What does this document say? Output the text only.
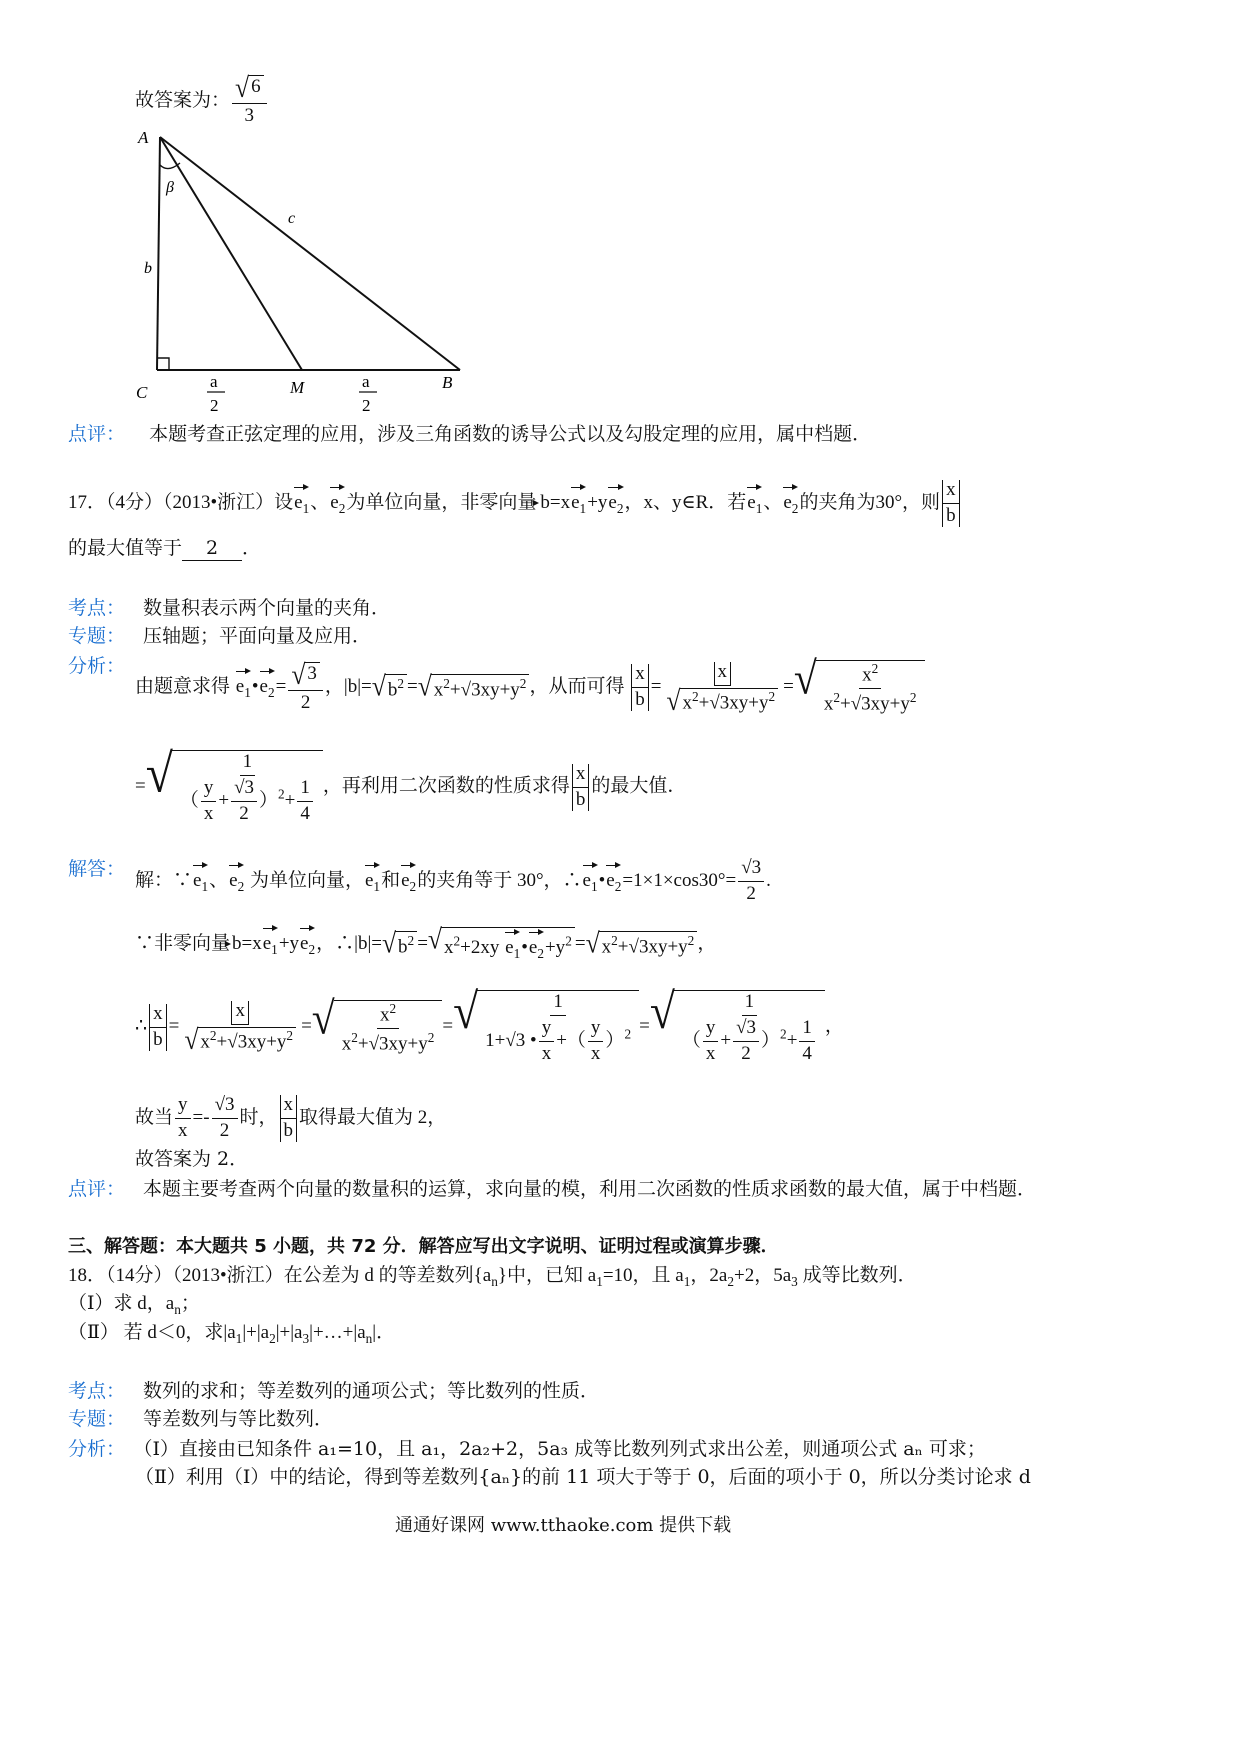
故答案为： $\frac{√ 6}{3}$
A
β
b
c
C	M	B
a
2
a
2
点评： 本题考查正弦定理的应用，涉及三角函数的诱导公式以及勾股定理的应用，属中档题．
17．（4分）（2013•浙江）设$e_1$、$e_2$为单位向量，非零向量 $b=xe_1+ye_2$，x、y∈R．若$e_1$、$e_2$的夹角为30°，则 $\frac{x}{b}$
的最大值等于 2 ．
考点： 数量积表示两个向量的夹角．
专题： 压轴题；平面向量及应用．
分析：
由题意求得 $e_1•e_2= \frac{√ 3}{2}$ ，|b|= √ $b^2$ = √ $x^2+√3xy+y^2$ ，从而可得 $\frac{x}{b} = \frac{x}{√ x^2+√3xy+y^2}$ = √ $\frac{x^2}{x^2+√3xy+y^2}$
= √ $\frac{1}{( \frac{y}{x} + \frac{√3}{2} )^2+ \frac{1}{4}}$ ，再利用二次函数的性质求得 $\frac{x}{b}$ 的最大值．
解答：
解：$\because e_1$、$e_2$ 为单位向量，$e_1$和$e_2$的夹角等于 30°，$\therefore e_1•e_2=1\times 1\times\cos 30^\circ= \frac{√3}{2}$ .
∵非零向量 $b=xe_1+ye_2$，∴|b|= √ $b^2$ = √ $x^2+2xy$ $e_1•e_2+y^2$ = √ $x^2+√3xy+y^2$ ，
∴ $\frac{x}{b} = \frac{x}{√ x^2+√3xy+y^2}$ = √ $\frac{x^2}{x^2+√3xy+y^2}$ = √ $\frac{1}{1+√3 • \frac{y}{x} +( \frac{y}{x} )^2}$ = √ $\frac{1}{( \frac{y}{x} + \frac{√3}{2} )^2+ \frac{1}{4}}$ ，
故当 $\frac{y}{x} =- \frac{√3}{2}$ 时， $\frac{x}{b}$ 取得最大值为 2，
故答案为 2．
点评： 本题主要考查两个向量的数量积的运算，求向量的模，利用二次函数的性质求函数的最大值，属于中档题．
三、解答题：本大题共 5 小题，共 72 分．解答应写出文字说明、证明过程或演算步骤．
18．（14分）（2013•浙江）在公差为 d 的等差数列$\{a_n\}$中，已知 $a_1=10$，且 $a_1$，$2a_2+2$，$5a_3$ 成等比数列．
（Ⅰ）求 d，$a_n$；
（Ⅱ） 若 d＜0，求$|a_1|+|a_2|+|a_3|+\dots+|a_n|$．
考点： 数列的求和；等差数列的通项公式；等比数列的性质．
专题： 等差数列与等比数列．
分析： （Ⅰ）直接由已知条件 a₁=10，且 a₁，2a₂+2，5a₃ 成等比数列列式求出公差，则通项公式 aₙ 可求；
（Ⅱ）利用（Ⅰ）中的结论，得到等差数列{aₙ}的前 11 项大于等于 0，后面的项小于 0，所以分类讨论求 d
通通好课网 www.tthaoke.com 提供下载
